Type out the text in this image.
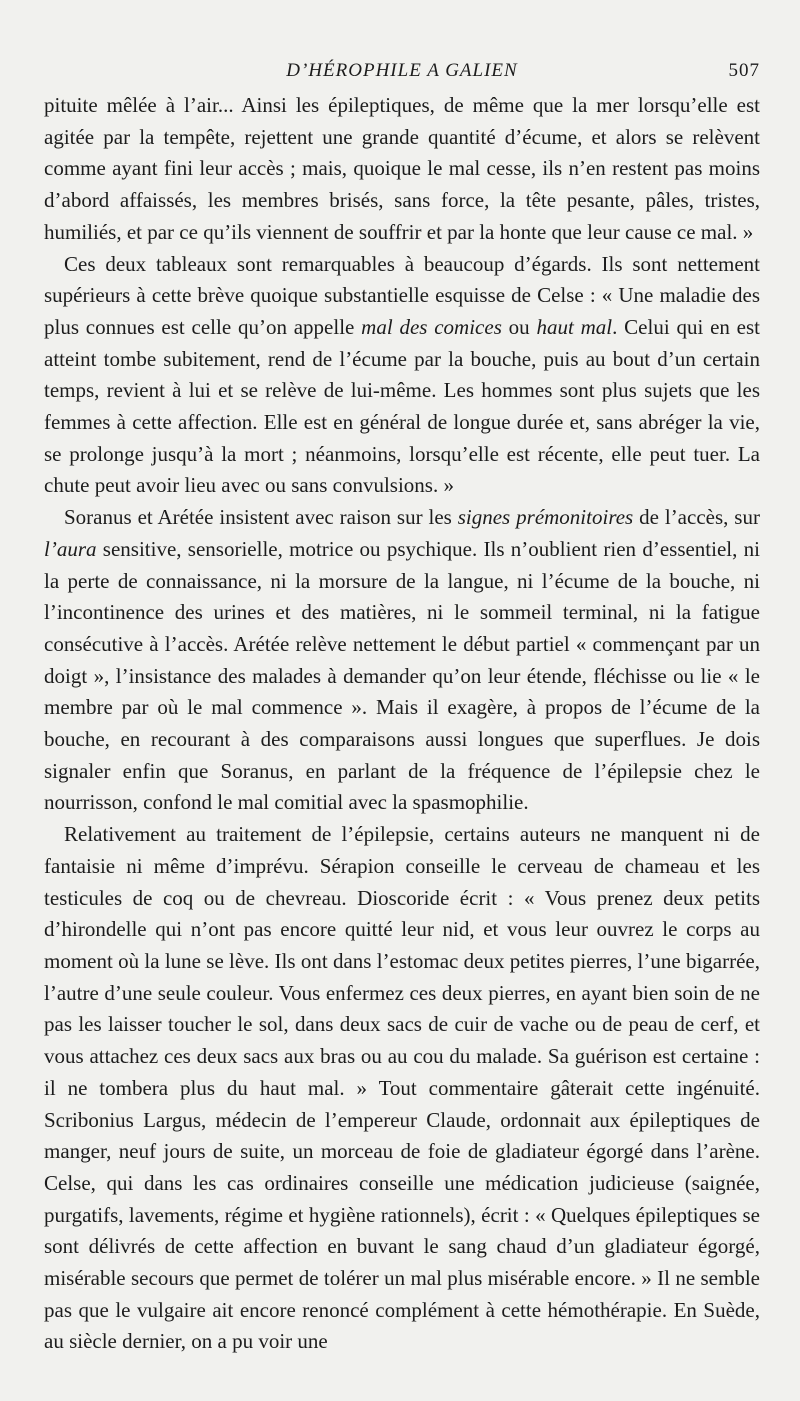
D’HÉROPHILE A GALIEN	507

pituite mêlée à l’air... Ainsi les épileptiques, de même que la mer lorsqu’elle est agitée par la tempête, rejettent une grande quantité d’écume, et alors se relèvent comme ayant fini leur accès ; mais, quoique le mal cesse, ils n’en restent pas moins d’abord affaissés, les membres brisés, sans force, la tête pesante, pâles, tristes, humiliés, et par ce qu’ils viennent de souffrir et par la honte que leur cause ce mal. »

Ces deux tableaux sont remarquables à beaucoup d’égards. Ils sont nettement supérieurs à cette brève quoique substantielle esquisse de Celse : « Une maladie des plus connues est celle qu’on appelle mal des comices ou haut mal. Celui qui en est atteint tombe subitement, rend de l’écume par la bouche, puis au bout d’un certain temps, revient à lui et se relève de lui-même. Les hommes sont plus sujets que les femmes à cette affection. Elle est en général de longue durée et, sans abréger la vie, se prolonge jusqu’à la mort ; néanmoins, lorsqu’elle est récente, elle peut tuer. La chute peut avoir lieu avec ou sans convulsions. »

Soranus et Arétée insistent avec raison sur les signes prémonitoires de l’accès, sur l’aura sensitive, sensorielle, motrice ou psychique. Ils n’oublient rien d’essentiel, ni la perte de connaissance, ni la morsure de la langue, ni l’écume de la bouche, ni l’incontinence des urines et des matières, ni le sommeil terminal, ni la fatigue consécutive à l’accès. Arétée relève nettement le début partiel « commençant par un doigt », l’insistance des malades à demander qu’on leur étende, fléchisse ou lie « le membre par où le mal commence ». Mais il exagère, à propos de l’écume de la bouche, en recourant à des comparaisons aussi longues que superflues. Je dois signaler enfin que Soranus, en parlant de la fréquence de l’épilepsie chez le nourrisson, confond le mal comitial avec la spasmophilie.

Relativement au traitement de l’épilepsie, certains auteurs ne manquent ni de fantaisie ni même d’imprévu. Sérapion conseille le cerveau de chameau et les testicules de coq ou de chevreau. Dioscoride écrit : « Vous prenez deux petits d’hirondelle qui n’ont pas encore quitté leur nid, et vous leur ouvrez le corps au moment où la lune se lève. Ils ont dans l’estomac deux petites pierres, l’une bigarrée, l’autre d’une seule couleur. Vous enfermez ces deux pierres, en ayant bien soin de ne pas les laisser toucher le sol, dans deux sacs de cuir de vache ou de peau de cerf, et vous attachez ces deux sacs aux bras ou au cou du malade. Sa guérison est certaine : il ne tombera plus du haut mal. » Tout commentaire gâterait cette ingénuité. Scribonius Largus, médecin de l’empereur Claude, ordonnait aux épileptiques de manger, neuf jours de suite, un morceau de foie de gladiateur égorgé dans l’arène. Celse, qui dans les cas ordinaires conseille une médication judicieuse (saignée, purgatifs, lavements, régime et hygiène rationnels), écrit : « Quelques épileptiques se sont délivrés de cette affection en buvant le sang chaud d’un gladiateur égorgé, misérable secours que permet de tolérer un mal plus misérable encore. » Il ne semble pas que le vulgaire ait encore renoncé complément à cette hémothérapie. En Suède, au siècle dernier, on a pu voir une
